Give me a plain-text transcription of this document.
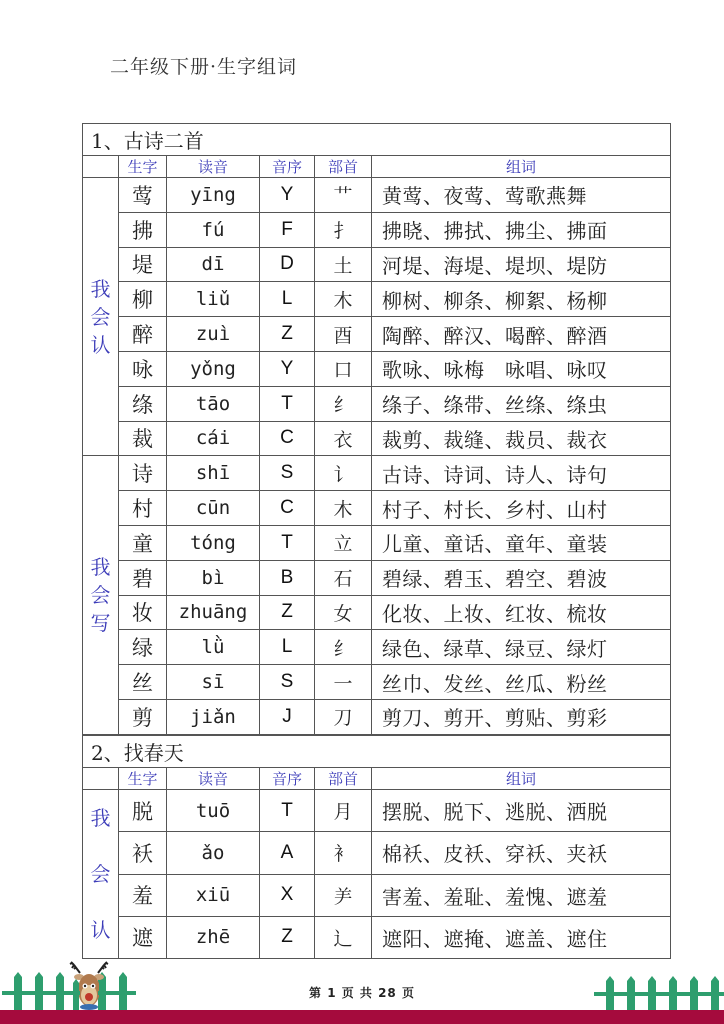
二年级下册·生字组词
1、古诗二首					
	生字	读音	音序	部首	组词

我
会
认	莺	yīng	Y	艹	黄莺、夜莺、莺歌燕舞
	拂	fú	F	扌	拂晓、拂拭、拂尘、拂面
	堤	dī	D	土	河堤、海堤、堤坝、堤防
	柳	liǔ	L	木	柳树、柳条、柳絮、杨柳
	醉	zuì	Z	酉	陶醉、醉汉、喝醉、醉酒
	咏	yǒng	Y	口	歌咏、咏梅　咏唱、咏叹
	绦	tāo	T	纟	绦子、绦带、丝绦、绦虫
	裁	cái	C	衣	裁剪、裁缝、裁员、裁衣

我
会
写	诗	shī	S	讠	古诗、诗词、诗人、诗句
	村	cūn	C	木	村子、村长、乡村、山村
	童	tóng	T	立	儿童、童话、童年、童装
	碧	bì	B	石	碧绿、碧玉、碧空、碧波
	妆	zhuāng	Z	女	化妆、上妆、红妆、梳妆
	绿	lǜ	L	纟	绿色、绿草、绿豆、绿灯
	丝	sī	S	一	丝巾、发丝、丝瓜、粉丝
	剪	jiǎn	J	刀	剪刀、剪开、剪贴、剪彩
2、找春天					
	生字	读音	音序	部首	组词

我
会
认	脱	tuō	T	月	摆脱、脱下、逃脱、洒脱
	袄	ǎo	A	衤	棉袄、皮袄、穿袄、夹袄
	羞	xiū	X	⺶	害羞、羞耻、羞愧、遮羞
	遮	zhē	Z	辶	遮阳、遮掩、遮盖、遮住
第 1 页 共 28 页
